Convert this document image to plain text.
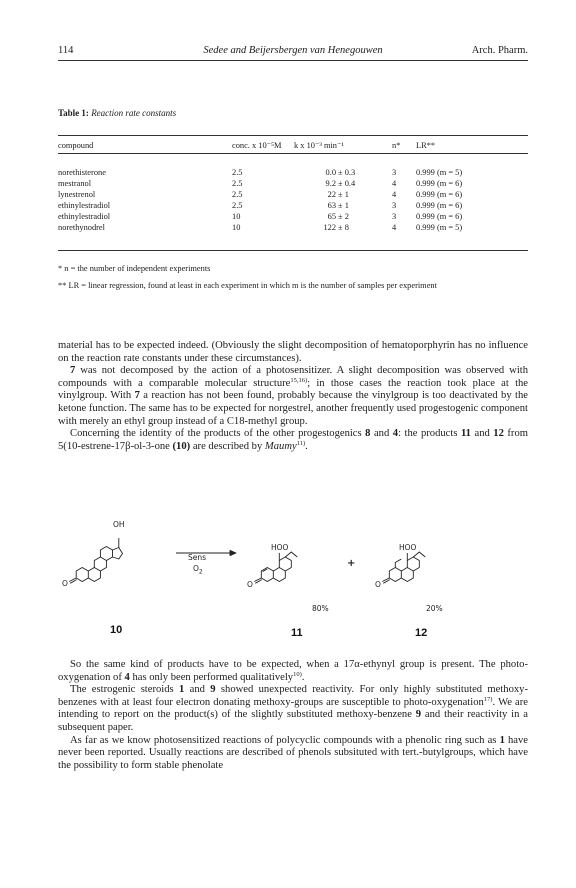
114	Sedee and Beijersbergen van Henegouwen	Arch. Pharm.
Table 1: Reaction rate constants
compound	conc. x 10⁻⁵M	k x 10⁻³ min⁻¹		n*	LR**
norethisterone	2.5	0.0	± 0.3	3	0.999 (m = 5)
mestranol	2.5	9.2	± 0.4	4	0.999 (m = 6)
lynestrenol	2.5	22	± 1	4	0.999 (m = 6)
ethinylestradiol	2.5	63	± 1	3	0.999 (m = 6)
ethinylestradiol	10	65	± 2	3	0.999 (m = 6)
norethynodrel	10	122	± 8	4	0.999 (m = 5)
* n = the number of independent experiments
** LR = linear regression, found at least in each experiment in which m is the number of samples per experiment

material has to be expected indeed. (Obviously the slight decomposition of hematoporphyrin has no influence on the reaction rate constants under these circumstances).

7 was not decomposed by the action of a photosensitizer. A slight decomposition was observed with compounds with a comparable molecular structure$^{15,16)}$; in those cases the reaction took place at the vinylgroup. With 7 a reaction has not been found, probably because the vinylgroup is too deactivated by the ketone function. The same has to be expected for norgestrel, another frequently used progestogenic component with merely an ethyl group instead of a C18-methyl group.

Concerning the identity of the products of the other progestogenics 8 and 4: the products 11 and 12 from 5(10-estrene-17β-ol-3-one (10) are described by Maumy$^{11)}$.

OH
O
Sens
$O_2$
HOO
O
+
HOO
O
80%	20%
10	11	12

So the same kind of products have to be expected, when a 17α-ethynyl group is present. The photo-oxygenation of 4 has only been performed qualitatively$^{10)}$.

The estrogenic steroids 1 and 9 showed unexpected reactivity. For only highly substituted methoxy-benzenes with at least four electron donating methoxy-groups are susceptible to photo-oxygenation$^{17)}$. We are intending to report on the product(s) of the slightly substituted methoxy-benzene 9 and their reactivity in a subsequent paper.

As far as we know photosensitized reactions of polycyclic compounds with a phenolic ring such as 1 have never been reported. Usually reactions are described of phenols subsituted with tert.-butylgroups, which have the possibility to form stable phenolate
